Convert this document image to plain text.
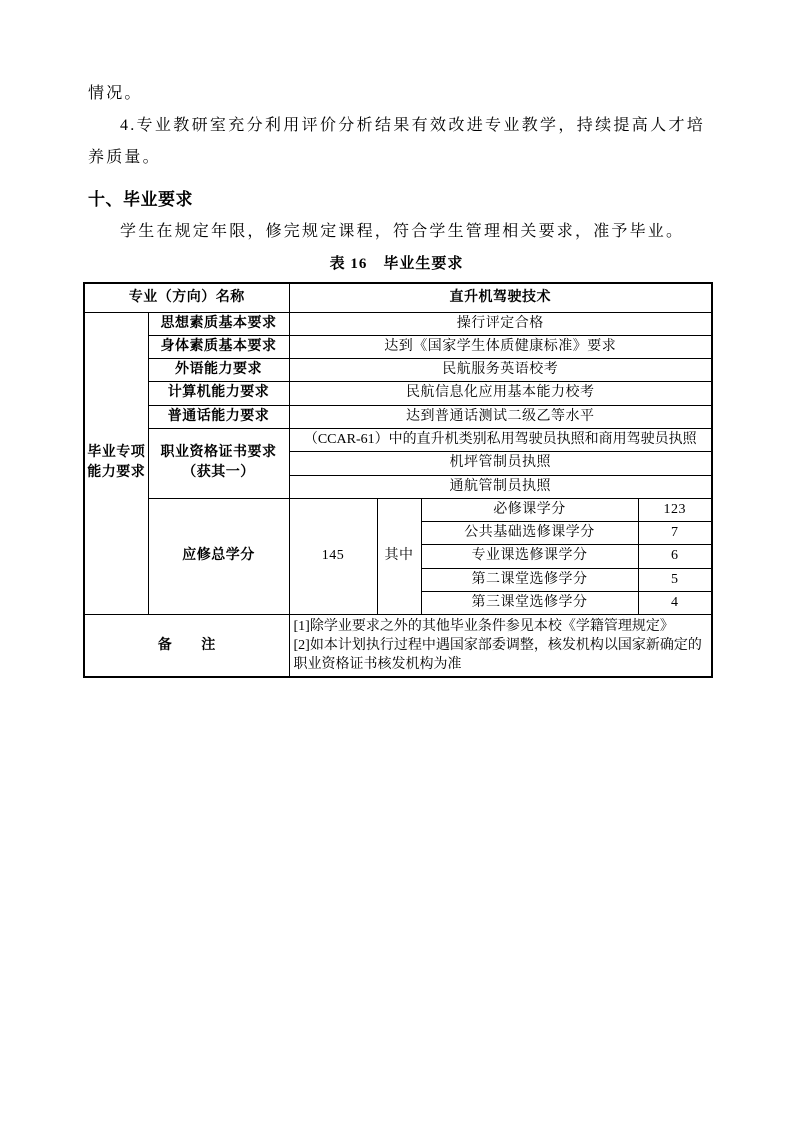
情况。

4.专业教研室充分利用评价分析结果有效改进专业教学，持续提高人才培养质量。

十、毕业要求

学生在规定年限，修完规定课程，符合学生管理相关要求，准予毕业。

表 16　毕业生要求
专业（方向）名称		直升机驾驶技术			
毕业专项能力要求	思想素质基本要求	操行评定合格			
	身体素质基本要求	达到《国家学生体质健康标准》要求			
	外语能力要求	民航服务英语校考			
	计算机能力要求	民航信息化应用基本能力校考			
	普通话能力要求	达到普通话测试二级乙等水平			
	职业资格证书要求（获其一）	（CCAR-61）中的直升机类别私用驾驶员执照和商用驾驶员执照			
		机坪管制员执照			
		通航管制员执照			
	应修总学分	145	其中	必修课学分	123
				公共基础选修课学分	7
				专业课选修课学分	6
				第二课堂选修学分	5
				第三课堂选修学分	4
备　　注		[1]除学业要求之外的其他毕业条件参见本校《学籍管理规定》
[2]如本计划执行过程中遇国家部委调整，核发机构以国家新确定的职业资格证书核发机构为准			
